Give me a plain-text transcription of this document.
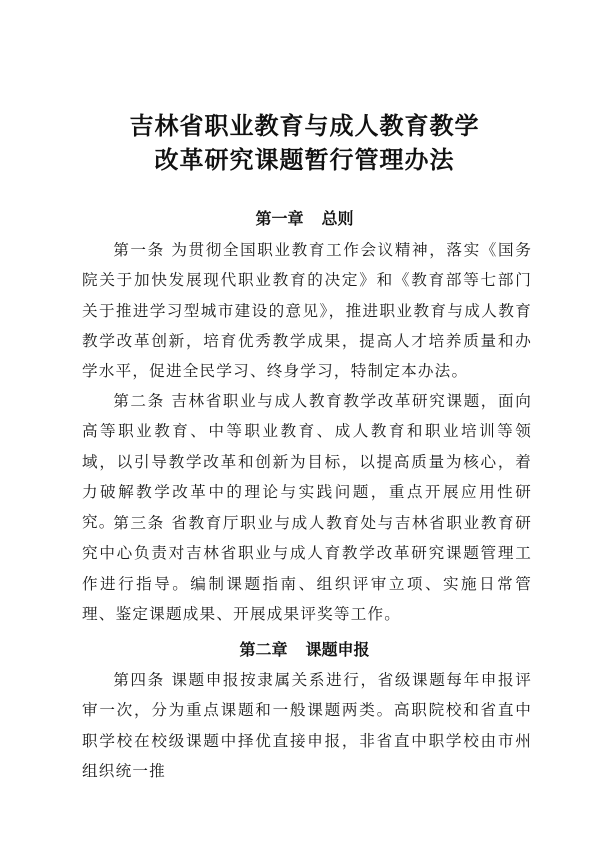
吉林省职业教育与成人教育教学
改革研究课题暂行管理办法
第一章 总则

第一条 为贯彻全国职业教育工作会议精神，落实《国务院关于加快发展现代职业教育的决定》和《教育部等七部门关于推进学习型城市建设的意见》，推进职业教育与成人教育教学改革创新，培育优秀教学成果，提高人才培养质量和办学水平，促进全民学习、终身学习，特制定本办法。

第二条 吉林省职业与成人教育教学改革研究课题，面向高等职业教育、中等职业教育、成人教育和职业培训等领域，以引导教学改革和创新为目标，以提高质量为核心，着力破解教学改革中的理论与实践问题，重点开展应用性研究。

第三条 省教育厅职业与成人教育处与吉林省职业教育研究中心负责对吉林省职业与成人育教学改革研究课题管理工作进行指导。编制课题指南、组织评审立项、实施日常管理、鉴定课题成果、开展成果评奖等工作。

第二章 课题申报

第四条 课题申报按隶属关系进行，省级课题每年申报评审一次，分为重点课题和一般课题两类。高职院校和省直中职学校在校级课题中择优直接申报，非省直中职学校由市州组织统一推
